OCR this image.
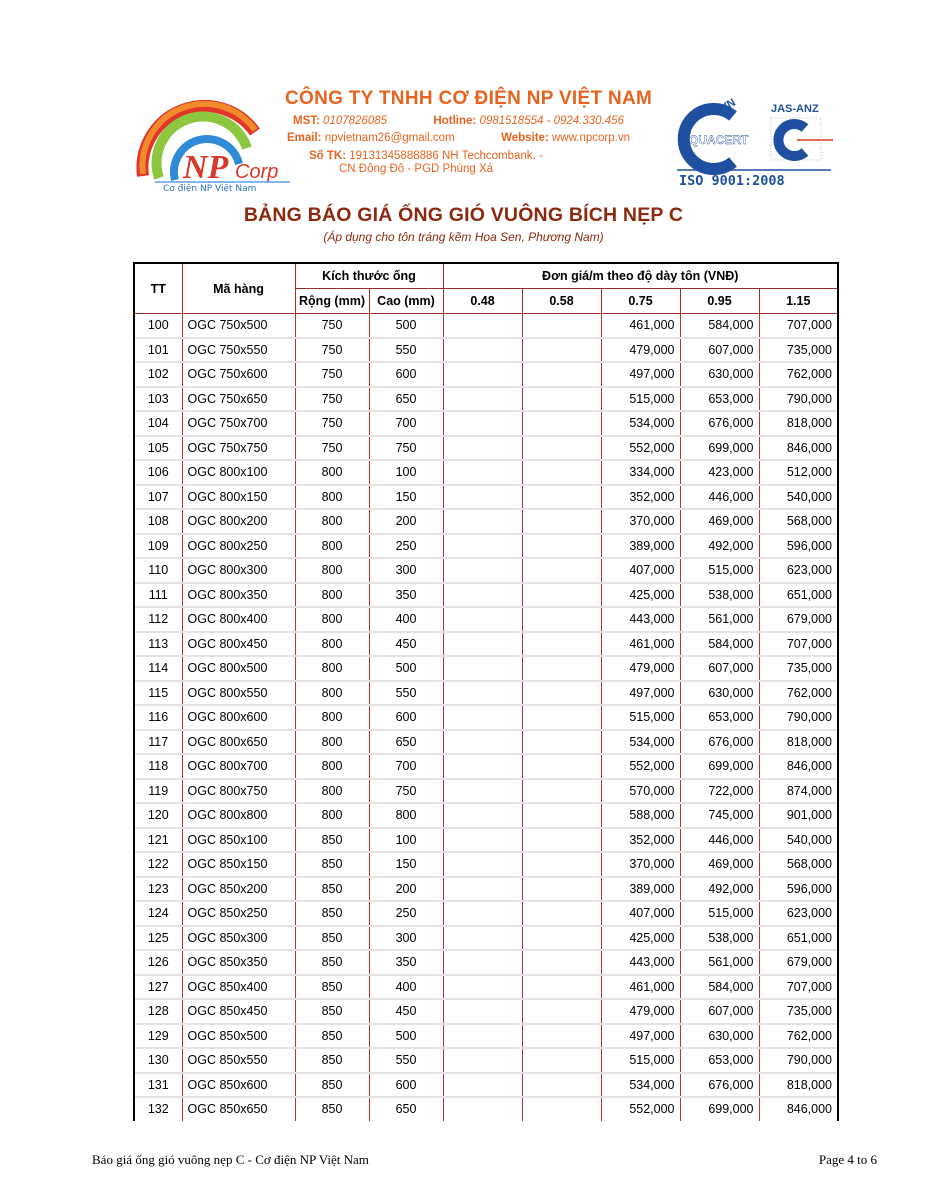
NP Corp
Cơ điện NP Việt Nam
CÔNG TY TNHH CƠ ĐIỆN NP VIỆT NAM
MST: 0107826085	Hotline: 0981518554 - 0924.330.456
Email: npvietnam26@gmail.com	Website: www.npcorp.vn
Số TK: 19131345888886 NH Techcombank. -
CN Đông Đô - PGD Phùng Xá
VN
QUACERT
JAS-ANZ
ISO 9001:2008
BẢNG BÁO GIÁ ỐNG GIÓ VUÔNG BÍCH NẸP C
(Áp dụng cho tôn tráng kẽm Hoa Sen, Phương Nam)
TT	Mã hàng	Kích thước ống		Đơn giá/m theo độ dày tôn (VNĐ)				
		Rộng (mm)	Cao (mm)	0.48	0.58	0.75	0.95	1.15
100	OGC 750x500	750	500			461,000	584,000	707,000
101	OGC 750x550	750	550			479,000	607,000	735,000
102	OGC 750x600	750	600			497,000	630,000	762,000
103	OGC 750x650	750	650			515,000	653,000	790,000
104	OGC 750x700	750	700			534,000	676,000	818,000
105	OGC 750x750	750	750			552,000	699,000	846,000
106	OGC 800x100	800	100			334,000	423,000	512,000
107	OGC 800x150	800	150			352,000	446,000	540,000
108	OGC 800x200	800	200			370,000	469,000	568,000
109	OGC 800x250	800	250			389,000	492,000	596,000
110	OGC 800x300	800	300			407,000	515,000	623,000
111	OGC 800x350	800	350			425,000	538,000	651,000
112	OGC 800x400	800	400			443,000	561,000	679,000
113	OGC 800x450	800	450			461,000	584,000	707,000
114	OGC 800x500	800	500			479,000	607,000	735,000
115	OGC 800x550	800	550			497,000	630,000	762,000
116	OGC 800x600	800	600			515,000	653,000	790,000
117	OGC 800x650	800	650			534,000	676,000	818,000
118	OGC 800x700	800	700			552,000	699,000	846,000
119	OGC 800x750	800	750			570,000	722,000	874,000
120	OGC 800x800	800	800			588,000	745,000	901,000
121	OGC 850x100	850	100			352,000	446,000	540,000
122	OGC 850x150	850	150			370,000	469,000	568,000
123	OGC 850x200	850	200			389,000	492,000	596,000
124	OGC 850x250	850	250			407,000	515,000	623,000
125	OGC 850x300	850	300			425,000	538,000	651,000
126	OGC 850x350	850	350			443,000	561,000	679,000
127	OGC 850x400	850	400			461,000	584,000	707,000
128	OGC 850x450	850	450			479,000	607,000	735,000
129	OGC 850x500	850	500			497,000	630,000	762,000
130	OGC 850x550	850	550			515,000	653,000	790,000
131	OGC 850x600	850	600			534,000	676,000	818,000
132	OGC 850x650	850	650			552,000	699,000	846,000
Báo giá ống gió vuông nẹp C - Cơ điện NP Việt Nam	Page 4 to 6
